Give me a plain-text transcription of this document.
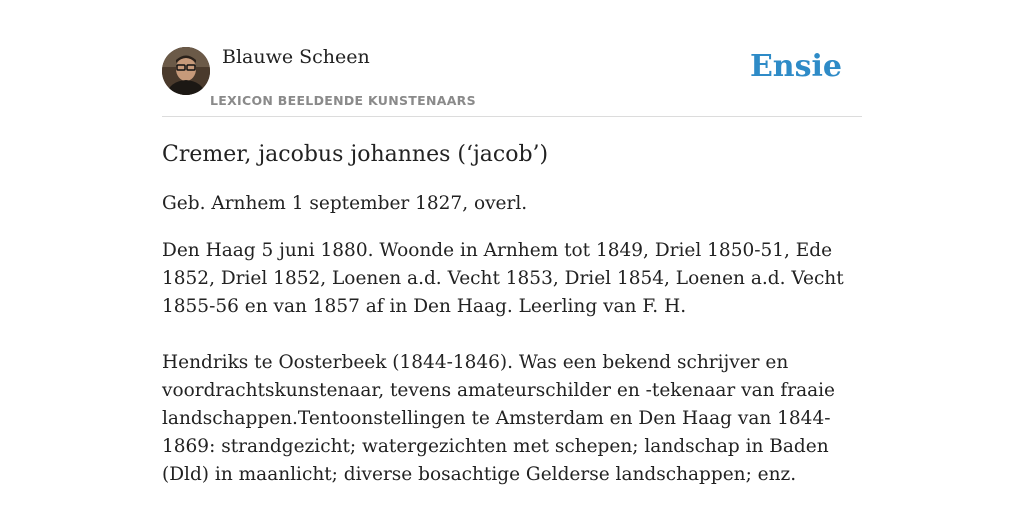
Blauwe Scheen
LEXICON BEELDENDE KUNSTENAARS
Ensie
Cremer, jacobus johannes (‘jacob’)

Geb. Arnhem 1 september 1827, overl.

Den Haag 5 juni 1880. Woonde in Arnhem tot 1849, Driel 1850-51, Ede 1852, Driel 1852, Loenen a.d. Vecht 1853, Driel 1854, Loenen a.d. Vecht 1855-56 en van 1857 af in Den Haag. Leerling van F. H.

Hendriks te Oosterbeek (1844-1846). Was een bekend schrijver en voordrachtskunstenaar, tevens amateurschilder en -tekenaar van fraaie landschappen.Tentoonstellingen te Amsterdam en Den Haag van 1844-1869: strandgezicht; watergezichten met schepen; landschap in Baden (Dld) in maanlicht; diverse bosachtige Gelderse landschappen; enz.
